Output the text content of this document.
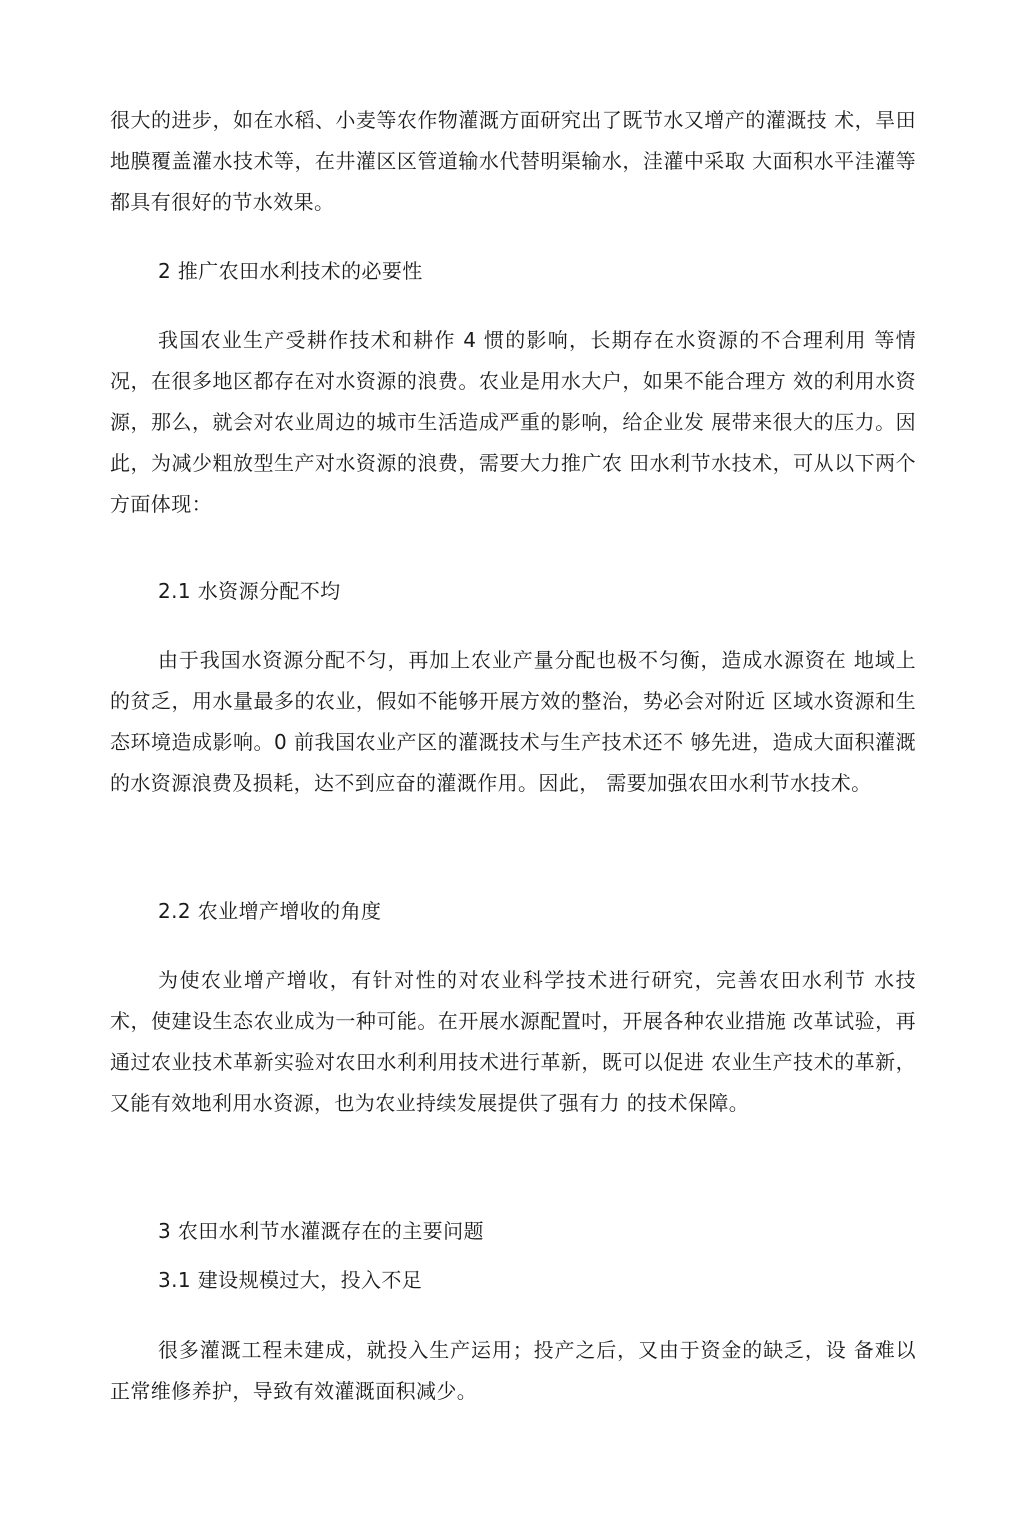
很大的进步，如在水稻、小麦等农作物灌溉方面研究出了既节水又增产的灌溉技 术，旱田地膜覆盖灌水技术等，在井灌区区管道输水代替明渠输水，洼灌中采取 大面积水平洼灌等都具有很好的节水效果。

2 推广农田水利技术的必要性

我国农业生产受耕作技术和耕作 4 惯的影响，长期存在水资源的不合理利用 等情况，在很多地区都存在对水资源的浪费。农业是用水大户，如果不能合理方 效的利用水资源，那么，就会对农业周边的城市生活造成严重的影响，给企业发 展带来很大的压力。因此，为减少粗放型生产对水资源的浪费，需要大力推广农 田水利节水技术，可从以下两个方面体现：

2.1 水资源分配不均

由于我国水资源分配不匀，再加上农业产量分配也极不匀衡，造成水源资在 地域上的贫乏，用水量最多的农业，假如不能够开展方效的整治，势必会对附近 区域水资源和生态环境造成影响。0 前我国农业产区的灌溉技术与生产技术还不 够先进，造成大面积灌溉的水资源浪费及损耗，达不到应奋的灌溉作用。因此， 需要加强农田水利节水技术。

2.2 农业增产增收的角度

为使农业增产增收，有针对性的对农业科学技术进行研究，完善农田水利节 水技术，使建设生态农业成为一种可能。在开展水源配置吋，开展各种农业措施 改革试验，再通过农业技术革新实验对农田水利利用技术进行革新，既可以促进 农业生产技术的革新，又能有效地利用水资源，也为农业持续发展提供了强有力 的技术保障。

3 农田水利节水灌溉存在的主要问题
3.1 建设规模过大，投入不足

很多灌溉工程未建成，就投入生产运用；投产之后，又由于资金的缺乏，设 备难以正常维修养护，导致有效灌溉面积减少。
